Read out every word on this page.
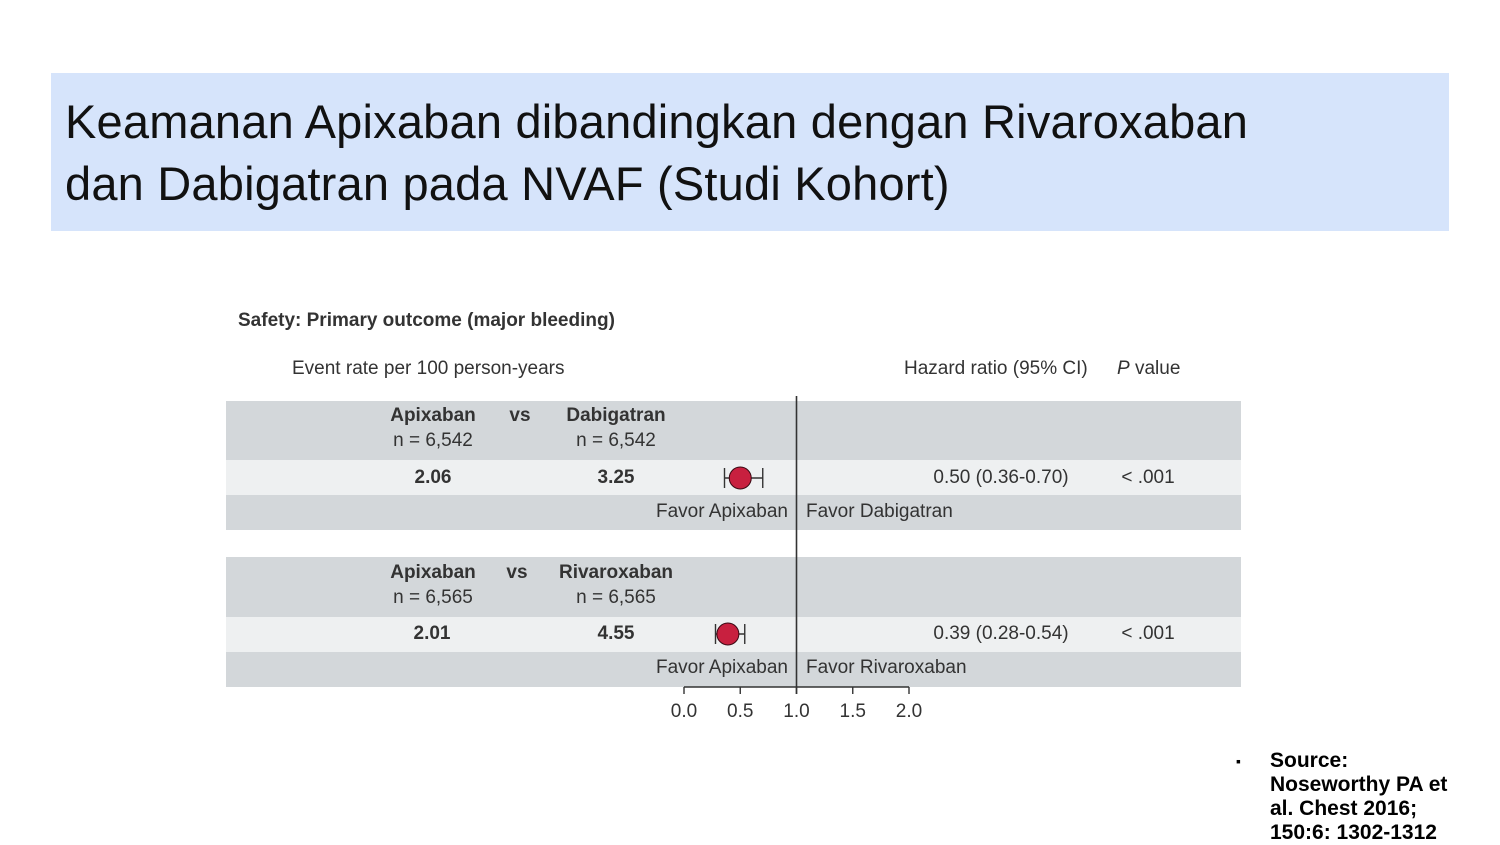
Keamanan Apixaban dibandingkan dengan Rivaroxaban
dan Dabigatran pada NVAF (Studi Kohort)
Safety: Primary outcome (major bleeding)
Event rate per 100 person-years	Hazard ratio (95% CI) P value
Apixaban vs Dabigatran
n = 6,542	n = 6,542
2.06	3.25	0.50 (0.36-0.70)	< .001
Favor Apixaban Favor Dabigatran
Apixaban vs Rivaroxaban
n = 6,565	n = 6,565
2.01	4.55	0.39 (0.28-0.54)	< .001
Favor Apixaban Favor Rivaroxaban
0.0 0.5 1.0 1.5 2.0
▪ Source:
Noseworthy PA et
al. Chest 2016;
150:6: 1302-1312
